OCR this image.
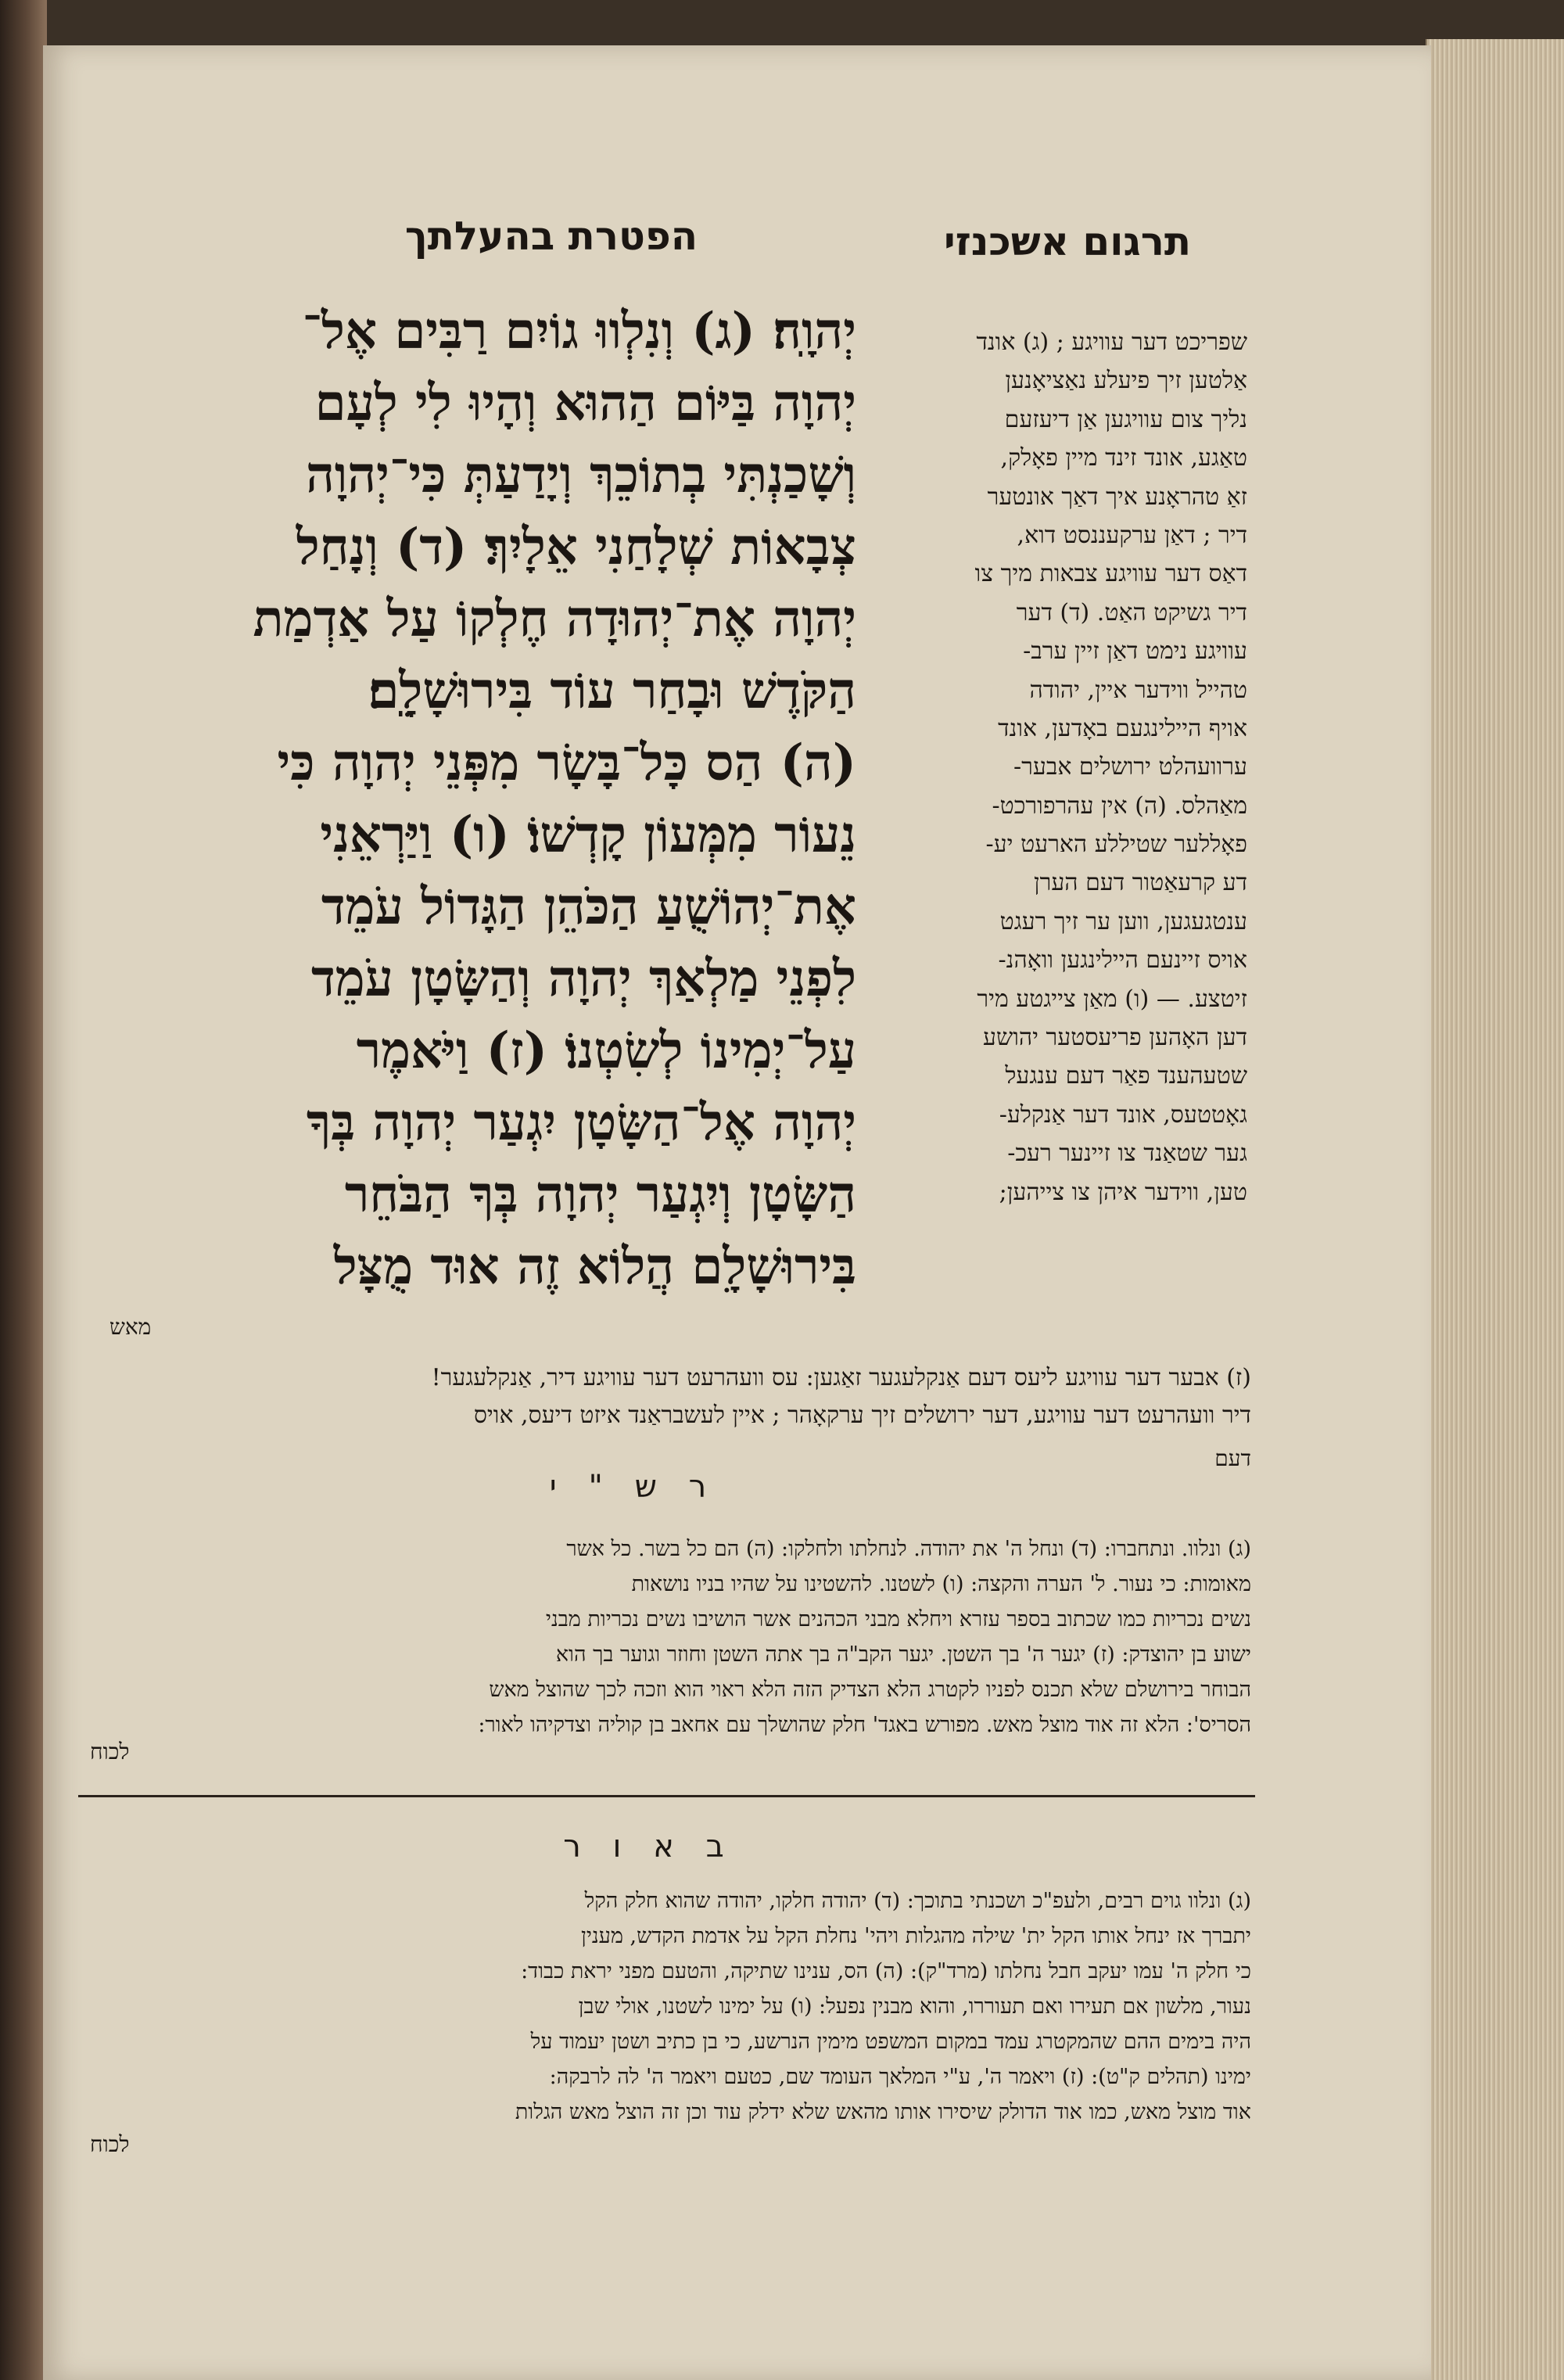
הפטרת בהעלתך	תרגום אשכנזי
יְהוָֽה׃ (ג) וְנִלְווּ גוֹיִם רַבִּים אֶל־
יְהוָה בַּיּוֹם הַהוּא וְהָיוּ לִי לְעָם
וְשָׁכַנְתִּי בְתוֹכֵךְ וְיָדַעַתְּ כִּי־יְהוָה
צְבָאוֹת שְׁלָחַנִי אֵלָיִךְ׃ (ד) וְנָחַל
יְהוָה אֶת־יְהוּדָה חֶלְקוֹ עַל אַדְמַת
הַקֹּדֶשׁ וּבָחַר עוֹד בִּירוּשָׁלִָֽם׃
(ה) הַס כָּל־בָּשָׂר מִפְּנֵי יְהוָה כִּי
נֵעוֹר מִמְּעוֹן קָדְשׁוֹ׃ (ו) וַיַּרְאֵנִי
אֶת־יְהוֹשֻׁעַ הַכֹּהֵן הַגָּדוֹל עֹמֵד
לִפְנֵי מַלְאַךְ יְהוָה וְהַשָּׂטָן עֹמֵד
עַל־יְמִינוֹ לְשִׂטְנוֹ׃ (ז) וַיֹּאמֶר
יְהוָה אֶל־הַשָּׂטָן יִגְעַר יְהוָה בְּךָ
הַשָּׂטָן וְיִגְעַר יְהוָה בְּךָ הַבֹּחֵר
בִּירוּשָׁלִָם הֲלוֹא זֶה אוּד מֻצָּל
מאש
שפריכט דער עוויגע ; (ג) אונד
אַלטען זיך פיעלע נאַציאָנען
נליך צום עוויגען אַן דיעזעם
טאַגע, אונד זינד מיין פאָלק,
זאַ טהראָנע איך דאַך אונטער
דיר ; דאַן ערקעננסט דוא,
דאַס דער עוויגע צבאות מיך צו
דיר גשיקט האַט. (ד) דער
עוויגע נימט דאַן זיין ערב-
טהייל ווידער איין, יהודה
אויף היילינגעם באָדען, אונד
ערוועהלט ירושלים אבער-
מאַהלס. (ה) אין עהרפורכט-
פאָללער שטיללע הארעט יע-
דע קרעאַטור דעם הערן
ענטגעגען, ווען ער זיך רעגט
אויס זיינעם היילינגען וואָהנ-
זיטצע. — (ו) מאַן צייגטע מיר
דען האָהען פריעסטער יהושע
שטעהענד פאַר דעם ענגעל
גאָטטעס, אונד דער אַנקלע-
גער שטאַנד צו זיינער רעכ-
טען, ווידער איהן צו צייהען;
(ז) אבער דער עוויגע ליעס דעם אַנקלעגער זאַגען: עס וועהרעט דער עוויגע דיר, אַנקלעגער!
דיר וועהרעט דער עוויגע, דער ירושלים זיך ערקאָהר ; איין לעשבראַנד איזט דיעס, אויס
דעם
ר ש " י
(ג) ונלוו. ונתחברו: (ד) ונחל ה' את יהודה. לנחלתו ולחלקו: (ה) הם כל בשר. כל אשר
מאומות: כי נעור. ל' הערה והקצה: (ו) לשטנו. להשטינו על שהיו בניו נושאות
נשים נכריות כמו שכתוב בספר עזרא ויחלא מבני הכהנים אשר הושיבו נשים נכריות מבני
ישוע בן יהוצדק: (ז) יגער ה' בך השטן. יגער הקב"ה בך אתה השטן וחוזר וגוער בך הוא
הבוחר בירושלם שלא תכנס לפניו לקטרג הלא הצדיק הזה הלא ראוי הוא וזכה לכך שהוצל מאש
הסריס': הלא זה אוד מוצל מאש. מפורש באגד' חלק שהושלך עם אחאב בן קוליה וצדקיהו לאור:
לכוח
ב א ו ר
(ג) ונלוו גוים רבים, ולעפ"כ ושכנתי בתוכך: (ד) יהודה חלקו, יהודה שהוא חלק הקל
יתברך אז ינחל אותו הקל ית' שילה מהגלות ויהי' נחלת הקל על אדמת הקדש, מענין
כי חלק ה' עמו יעקב חבל נחלתו (מרד"ק): (ה) הס, ענינו שתיקה, והטעם מפני יראת כבוד:
נעור, מלשון אם תעירו ואם תעוררו, והוא מבנין נפעל: (ו) על ימינו לשטנו, אולי שבן
היה בימים ההם שהמקטרג עמד במקום המשפט מימין הנרשע, כי בן כתיב ושטן יעמוד על
ימינו (תהלים ק"ט): (ז) ויאמר ה', ע"י המלאך העומד שם, כטעם ויאמר ה' לה לרבקה:
אוד מוצל מאש, כמו אוד הדולק שיסירו אותו מהאש שלא ידלק עוד וכן זה הוצל מאש הגלות
לכוח
